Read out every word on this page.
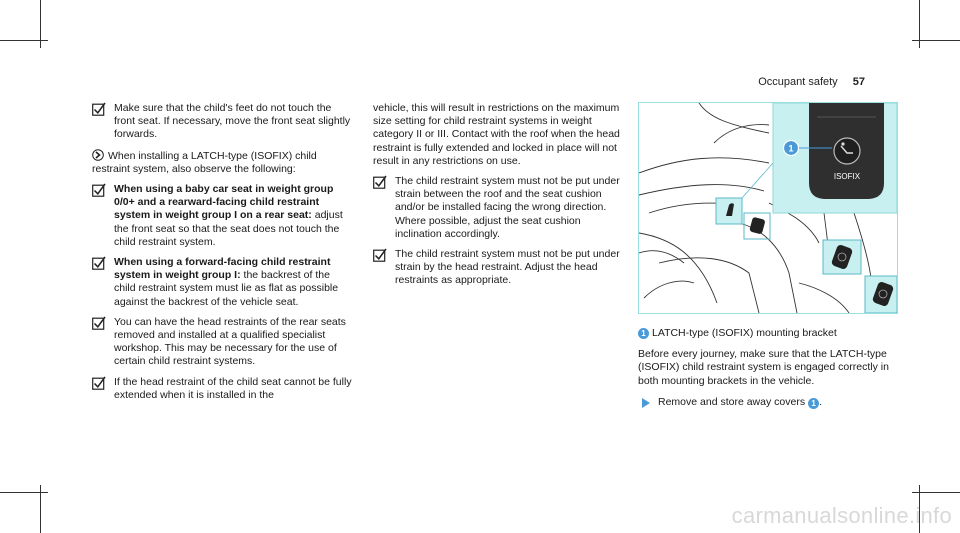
Occupant safety 57
Make sure that the child's feet do not touch the front seat. If necessary, move the front seat slightly forwards.
When installing a LATCH-type (ISOFIX) child restraint system, also observe the following:
When using a baby car seat in weight group 0/0+ and a rearward-facing child restraint system in weight group I on a rear seat: adjust the front seat so that the seat does not touch the child restraint system.
When using a forward-facing child restraint system in weight group I: the backrest of the child restraint system must lie as flat as possible against the backrest of the vehicle seat.
You can have the head restraints of the rear seats removed and installed at a qualified specialist workshop. This may be necessary for the use of certain child restraint systems.
If the head restraint of the child seat cannot be fully extended when it is installed in the
vehicle, this will result in restrictions on the maximum size setting for child restraint systems in weight category II or III. Contact with the roof when the head restraint is fully extended and locked in place will not result in any restrictions on use.
The child restraint system must not be put under strain between the roof and the seat cushion and/or be installed facing the wrong direction. Where possible, adjust the seat cushion inclination accordingly.
The child restraint system must not be put under strain by the head restraint. Adjust the head restraints as appropriate.
ISOFIX
1
1 LATCH-type (ISOFIX) mounting bracket
Before every journey, make sure that the LATCH-type (ISOFIX) child restraint system is engaged correctly in both mounting brackets in the vehicle.
Remove and store away covers 1 .
carmanualsonline.info
